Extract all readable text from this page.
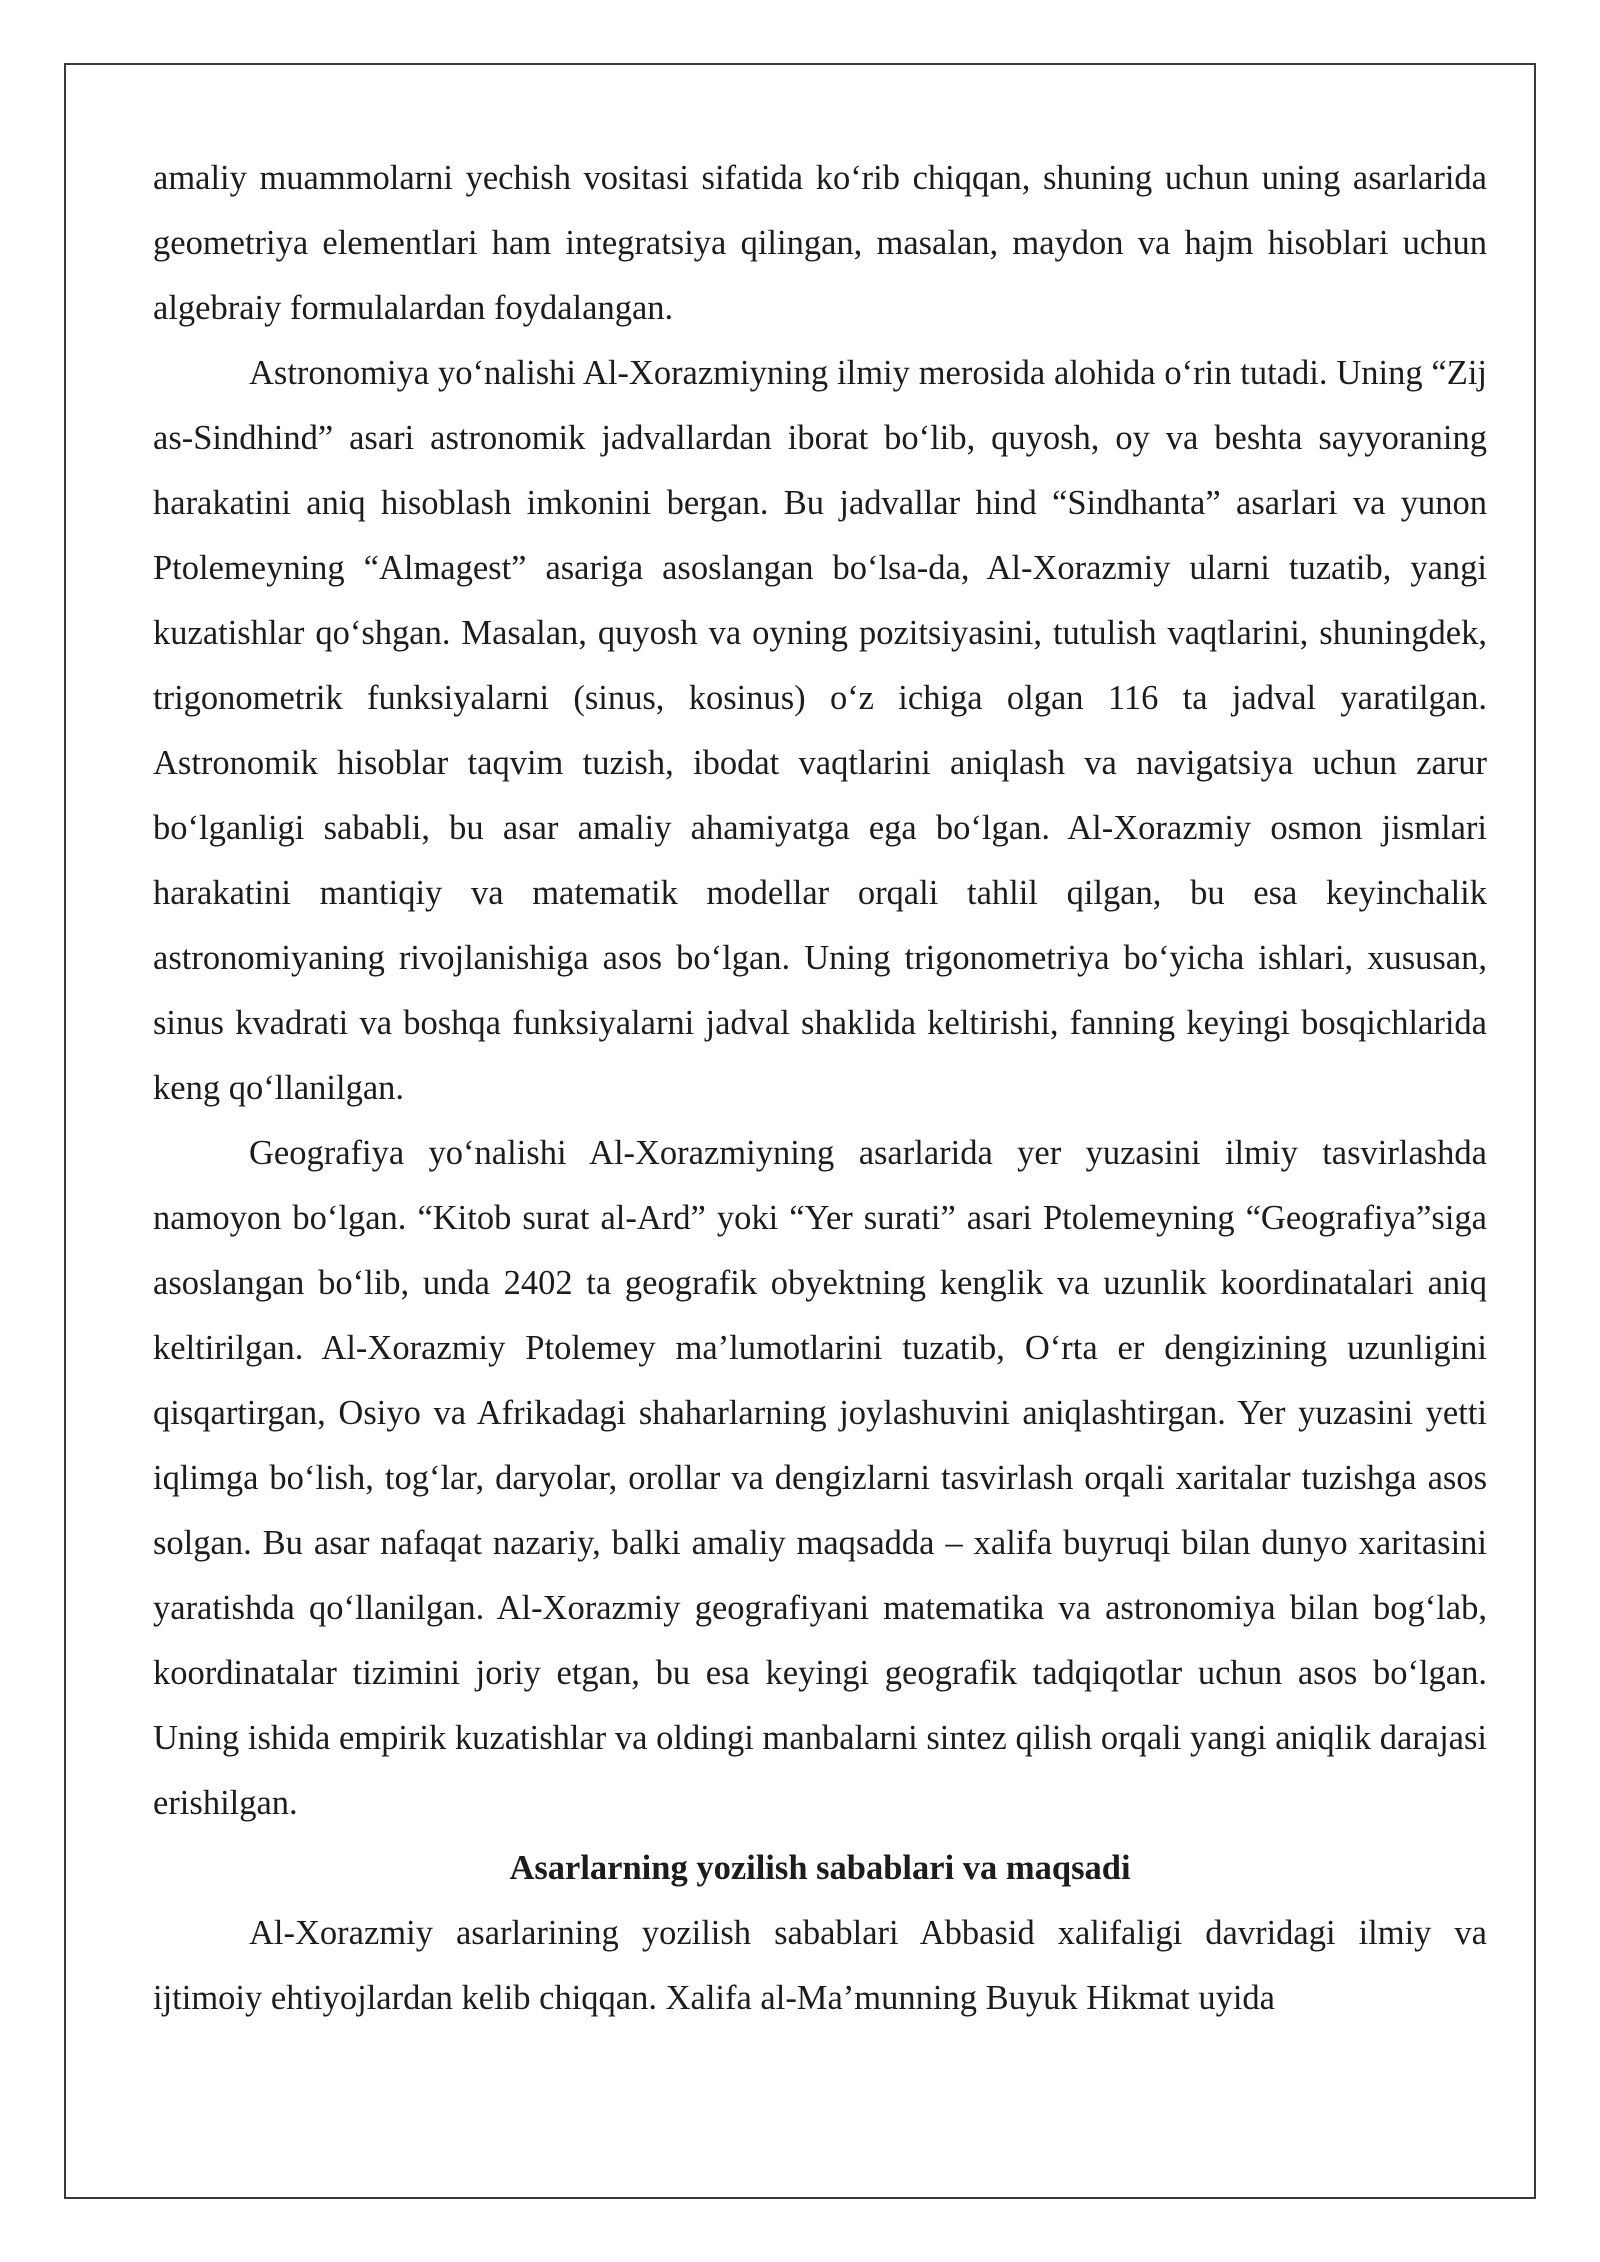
amaliy muammolarni yechish vositasi sifatida ko‘rib chiqqan, shuning uchun uning asarlarida geometriya elementlari ham integratsiya qilingan, masalan, maydon va hajm hisoblari uchun algebraiy formulalardan foydalangan.

Astronomiya yo‘nalishi Al-Xorazmiyning ilmiy merosida alohida o‘rin tutadi. Uning “Zij as-Sindhind” asari astronomik jadvallardan iborat bo‘lib, quyosh, oy va beshta sayyoraning harakatini aniq hisoblash imkonini bergan. Bu jadvallar hind “Sindhanta” asarlari va yunon Ptolemeyning “Almagest” asariga asoslangan bo‘lsa-da, Al-Xorazmiy ularni tuzatib, yangi kuzatishlar qo‘shgan. Masalan, quyosh va oyning pozitsiyasini, tutulish vaqtlarini, shuningdek, trigonometrik funksiyalarni (sinus, kosinus) o‘z ichiga olgan 116 ta jadval yaratilgan. Astronomik hisoblar taqvim tuzish, ibodat vaqtlarini aniqlash va navigatsiya uchun zarur bo‘lganligi sababli, bu asar amaliy ahamiyatga ega bo‘lgan. Al-Xorazmiy osmon jismlari harakatini mantiqiy va matematik modellar orqali tahlil qilgan, bu esa keyinchalik astronomiyaning rivojlanishiga asos bo‘lgan. Uning trigonometriya bo‘yicha ishlari, xususan, sinus kvadrati va boshqa funksiyalarni jadval shaklida keltirishi, fanning keyingi bosqichlarida keng qo‘llanilgan.

Geografiya yo‘nalishi Al-Xorazmiyning asarlarida yer yuzasini ilmiy tasvirlashda namoyon bo‘lgan. “Kitob surat al-Ard” yoki “Yer surati” asari Ptolemeyning “Geografiya”siga asoslangan bo‘lib, unda 2402 ta geografik obyektning kenglik va uzunlik koordinatalari aniq keltirilgan. Al-Xorazmiy Ptolemey ma’lumotlarini tuzatib, O‘rta er dengizining uzunligini qisqartirgan, Osiyo va Afrikadagi shaharlarning joylashuvini aniqlashtirgan. Yer yuzasini yetti iqlimga bo‘lish, tog‘lar, daryolar, orollar va dengizlarni tasvirlash orqali xaritalar tuzishga asos solgan. Bu asar nafaqat nazariy, balki amaliy maqsadda – xalifa buyruqi bilan dunyo xaritasini yaratishda qo‘llanilgan. Al-Xorazmiy geografiyani matematika va astronomiya bilan bog‘lab, koordinatalar tizimini joriy etgan, bu esa keyingi geografik tadqiqotlar uchun asos bo‘lgan. Uning ishida empirik kuzatishlar va oldingi manbalarni sintez qilish orqali yangi aniqlik darajasi erishilgan.

Asarlarning yozilish sabablari va maqsadi

Al-Xorazmiy asarlarining yozilish sabablari Abbasid xalifaligi davridagi ilmiy va ijtimoiy ehtiyojlardan kelib chiqqan. Xalifa al-Ma’munning Buyuk Hikmat uyida
